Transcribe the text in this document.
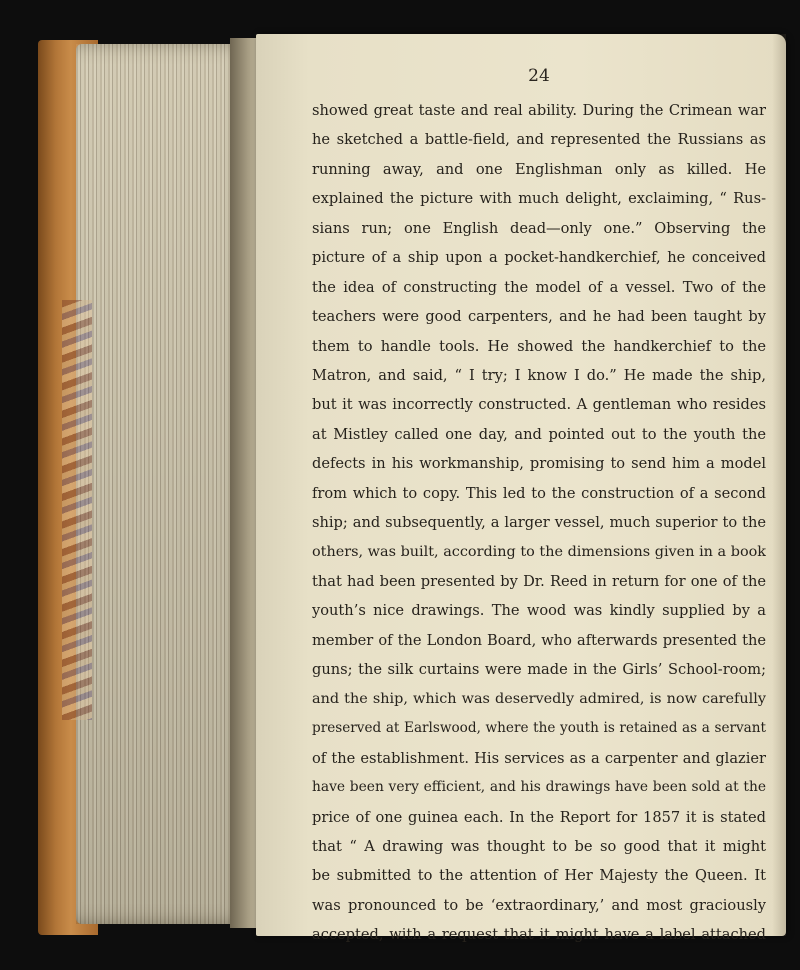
24
showed great taste and real ability. During the Crimean war
he sketched a battle-field, and represented the Russians as
running away, and one Englishman only as killed. He
explained the picture with much delight, exclaiming, “ Rus-
sians run; one English dead—only one.” Observing the
picture of a ship upon a pocket-handkerchief, he conceived
the idea of constructing the model of a vessel. Two of the
teachers were good carpenters, and he had been taught by
them to handle tools. He showed the handkerchief to the
Matron, and said, “ I try; I know I do.” He made the ship,
but it was incorrectly constructed. A gentleman who resides
at Mistley called one day, and pointed out to the youth the
defects in his workmanship, promising to send him a model
from which to copy. This led to the construction of a second
ship; and subsequently, a larger vessel, much superior to the
others, was built, according to the dimensions given in a book
that had been presented by Dr. Reed in return for one of the
youth’s nice drawings. The wood was kindly supplied by a
member of the London Board, who afterwards presented the
guns; the silk curtains were made in the Girls’ School-room;
and the ship, which was deservedly admired, is now carefully
preserved at Earlswood, where the youth is retained as a servant
of the establishment. His services as a carpenter and glazier
have been very efficient, and his drawings have been sold at the
price of one guinea each. In the Report for 1857 it is stated
that “ A drawing was thought to be so good that it might
be submitted to the attention of Her Majesty the Queen. It
was pronounced to be ‘extraordinary,’ and most graciously
accepted, with a request that it might have a label attached
